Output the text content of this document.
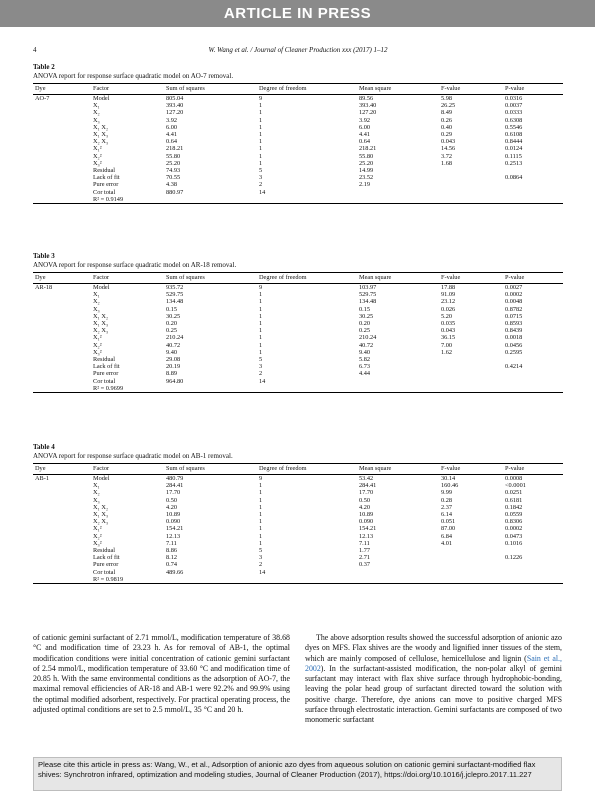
ARTICLE IN PRESS
4	W. Wang et al. / Journal of Cleaner Production xxx (2017) 1–12
Table 2
ANOVA report for response surface quadratic model on AO-7 removal.
Dye	Factor	Sum of squares	Degree of freedom	Mean square	F-value	P-value
AO-7	Model	805.04	9	89.56	5.98	0.0316
	X₁	393.40	1	393.40	26.25	0.0037
	X₂	127.20	1	127.20	8.49	0.0333
	X₃	3.92	1	3.92	0.26	0.6308
	X₁ X₂	6.00	1	6.00	0.40	0.5546
	X₁ X₃	4.41	1	4.41	0.29	0.6108
	X₂ X₃	0.64	1	0.64	0.043	0.8444
	X₁²	218.21	1	218.21	14.56	0.0124
	X₂²	55.80	1	55.80	3.72	0.1115
	X₃²	25.20	1	25.20	1.68	0.2513
	Residual	74.93	5	14.99		
	Lack of fit	70.55	3	23.52		0.0864
	Pure error	4.38	2	2.19		
	Cor total	880.97	14			
	R² = 0.9149					
Table 3
ANOVA report for response surface quadratic model on AR-18 removal.
Dye	Factor	Sum of squares	Degree of freedom	Mean square	F-value	P-value
AR-18	Model	935.72	9	103.97	17.88	0.0027
	X₁	529.75	1	529.75	91.09	0.0002
	X₂	134.48	1	134.48	23.12	0.0048
	X₃	0.15	1	0.15	0.026	0.8782
	X₁ X₂	30.25	1	30.25	5.20	0.0715
	X₁ X₃	0.20	1	0.20	0.035	0.8593
	X₂ X₃	0.25	1	0.25	0.043	0.8439
	X₁²	210.24	1	210.24	36.15	0.0018
	X₂²	40.72	1	40.72	7.00	0.0456
	X₃²	9.40	1	9.40	1.62	0.2595
	Residual	29.08	5	5.82		
	Lack of fit	20.19	3	6.73		0.4214
	Pure error	8.89	2	4.44		
	Cor total	964.80	14			
	R² = 0.9699					
Table 4
ANOVA report for response surface quadratic model on AB-1 removal.
Dye	Factor	Sum of squares	Degree of freedom	Mean square	F-value	P-value
AB-1	Model	480.79	9	53.42	30.14	0.0008
	X₁	284.41	1	284.41	160.46	<0.0001
	X₂	17.70	1	17.70	9.99	0.0251
	X₃	0.50	1	0.50	0.28	0.6181
	X₁ X₂	4.20	1	4.20	2.37	0.1842
	X₁ X₃	10.89	1	10.89	6.14	0.0559
	X₂ X₃	0.090	1	0.090	0.051	0.8306
	X₁²	154.21	1	154.21	87.00	0.0002
	X₂²	12.13	1	12.13	6.84	0.0473
	X₃²	7.11	1	7.11	4.01	0.1016
	Residual	8.86	5	1.77		
	Lack of fit	8.12	3	2.71		0.1226
	Pure error	0.74	2	0.37		
	Cor total	489.66	14			
	R² = 0.9819					

of cationic gemini surfactant of 2.71 mmol/L, modification temperature of 38.68 °C and modification time of 23.23 h. As for removal of AB-1, the optimal modification conditions were initial concentration of cationic gemini surfactant of 2.54 mmol/L, modification temperature of 33.60 °C and modification time of 20.85 h. With the same environmental conditions as the adsorption of AO-7, the maximal removal efficiencies of AR-18 and AB-1 were 92.2% and 99.9% using the optimal modified adsorbent, respectively. For practical operating process, the adjusted optimal conditions are set to 2.5 mmol/L, 35 °C and 20 h.

The above adsorption results showed the successful adsorption of anionic azo dyes on MFS. Flax shives are the woody and lignified inner tissues of the stem, which are mainly composed of cellulose, hemicellulose and lignin (Sain et al., 2002). In the surfactant-assisted modification, the non-polar alkyl of gemini surfactant may interact with flax shive surface through hydrophobic-bonding, leaving the polar head group of surfactant directed toward the solution with positive charge. Therefore, dye anions can move to positive charged MFS surface through electrostatic interaction. Gemini surfactants are composed of two monomeric surfactant

Please cite this article in press as: Wang, W., et al., Adsorption of anionic azo dyes from aqueous solution on cationic gemini surfactant-modified flax shives: Synchrotron infrared, optimization and modeling studies, Journal of Cleaner Production (2017), https://doi.org/10.1016/j.jclepro.2017.11.227
